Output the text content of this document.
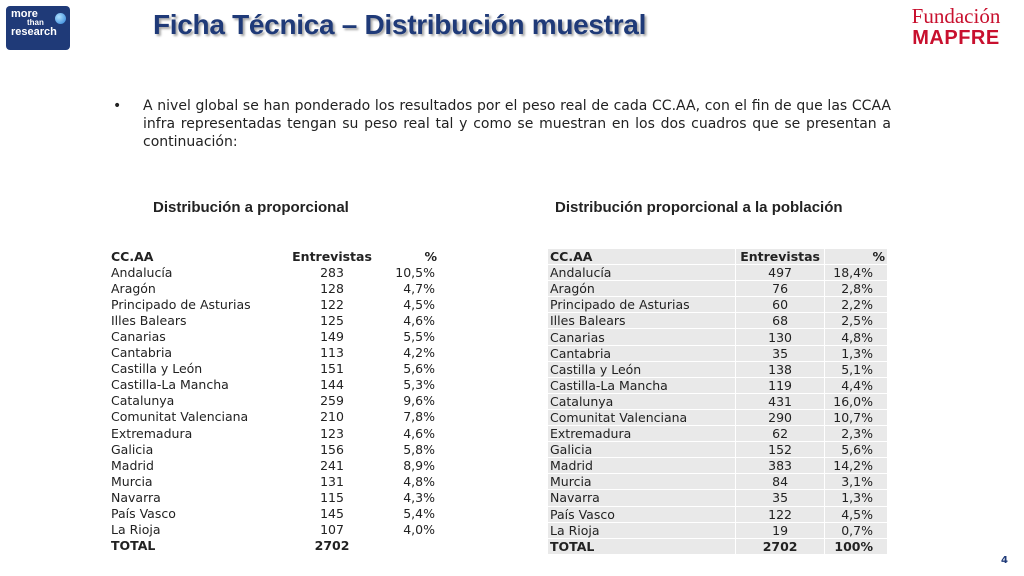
more
than
research	Ficha Técnica – Distribución muestral	Fundación
MAPFRE
• A nivel global se han ponderado los resultados por el peso real de cada CC.AA, con el fin de que las CCAA infra representadas tengan su peso real tal y como se muestran en los dos cuadros que se presentan a continuación:

Distribución a proporcional	Distribución proporcional a la población
CC.AA	Entrevistas	%
Andalucía	283	10,5%
Aragón	128	4,7%
Principado de Asturias	122	4,5%
Illes Balears	125	4,6%
Canarias	149	5,5%
Cantabria	113	4,2%
Castilla y León	151	5,6%
Castilla-La Mancha	144	5,3%
Catalunya	259	9,6%
Comunitat Valenciana	210	7,8%
Extremadura	123	4,6%
Galicia	156	5,8%
Madrid	241	8,9%
Murcia	131	4,8%
Navarra	115	4,3%
País Vasco	145	5,4%
La Rioja	107	4,0%
TOTAL	2702	
CC.AA	Entrevistas	%
Andalucía	497	18,4%
Aragón	76	2,8%
Principado de Asturias	60	2,2%
Illes Balears	68	2,5%
Canarias	130	4,8%
Cantabria	35	1,3%
Castilla y León	138	5,1%
Castilla-La Mancha	119	4,4%
Catalunya	431	16,0%
Comunitat Valenciana	290	10,7%
Extremadura	62	2,3%
Galicia	152	5,6%
Madrid	383	14,2%
Murcia	84	3,1%
Navarra	35	1,3%
País Vasco	122	4,5%
La Rioja	19	0,7%
TOTAL	2702	100%
4
